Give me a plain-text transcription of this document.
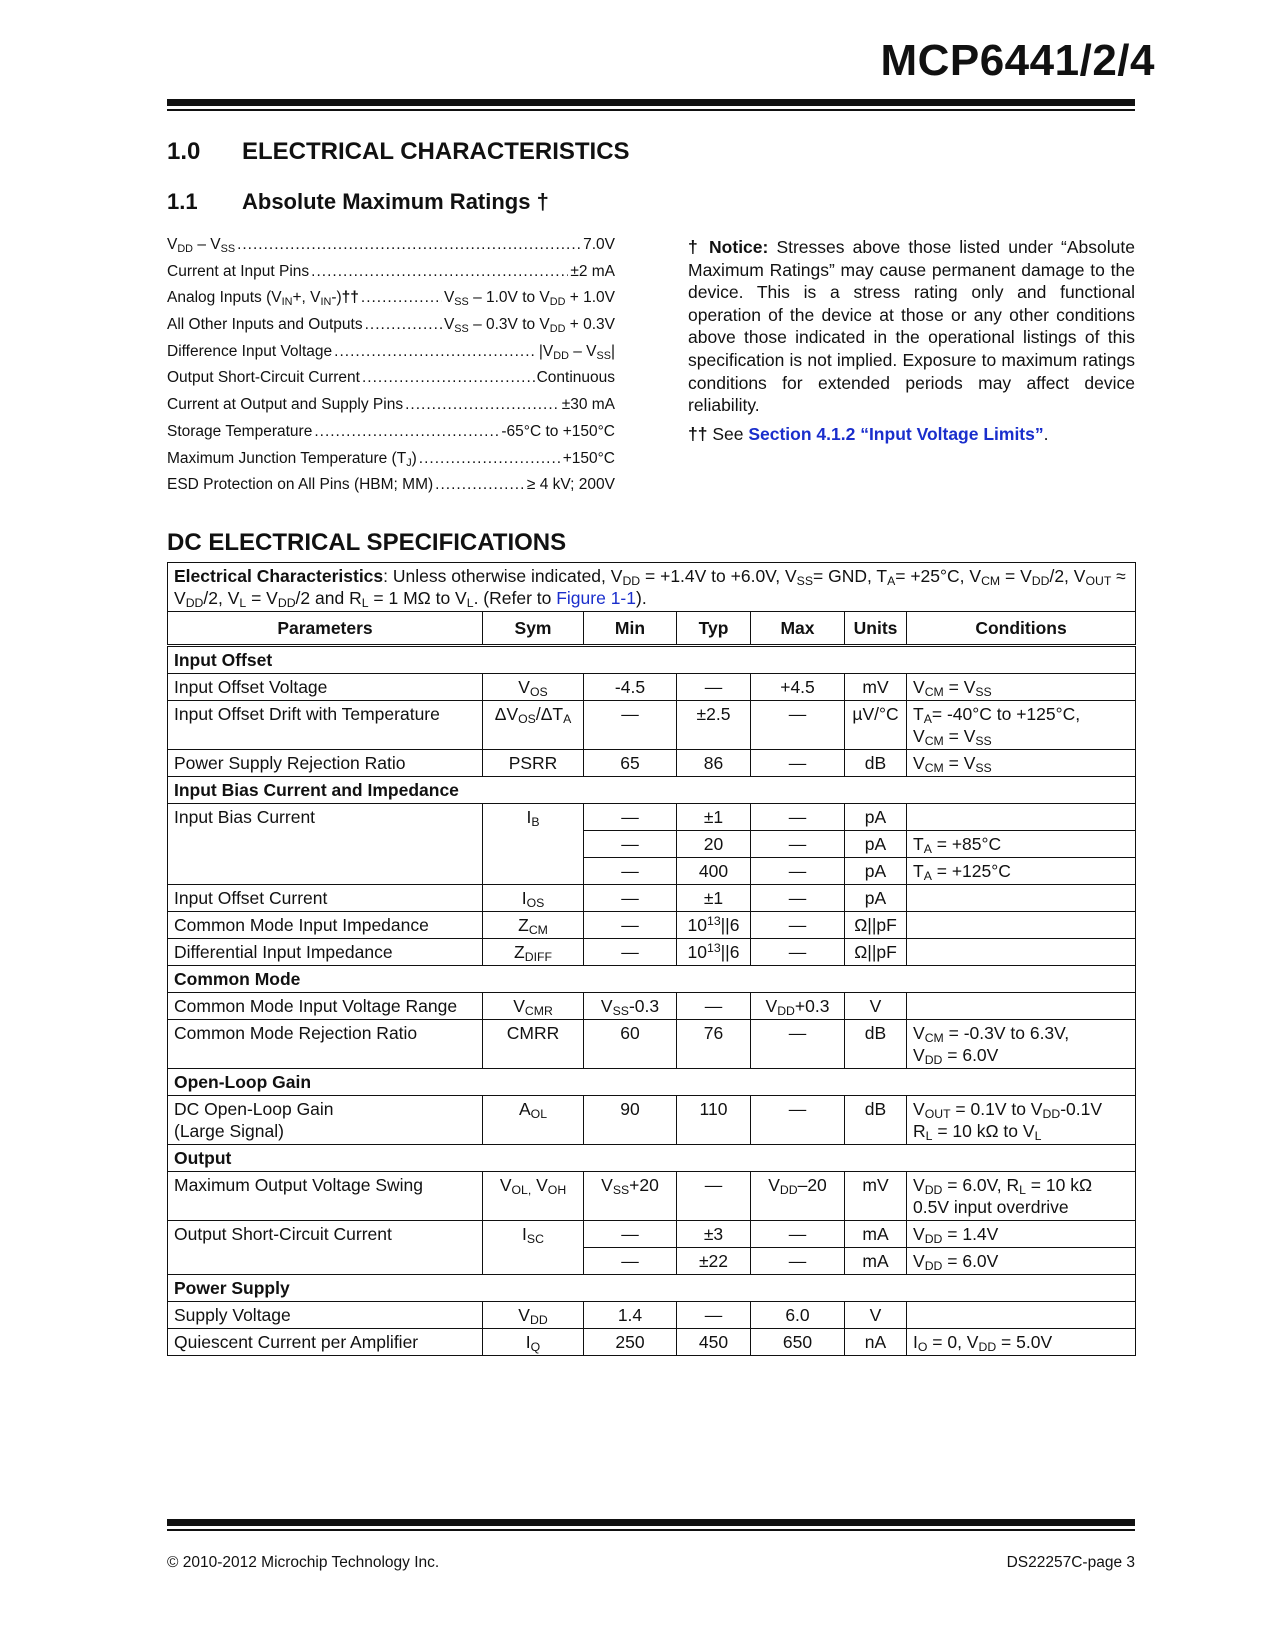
MCP6441/2/4
1.0 ELECTRICAL CHARACTERISTICS
1.1 Absolute Maximum Ratings †
$V_{DD} - V_{SS}$ .....	7.0V
Current at Input Pins .....	±2 mA
Analog Inputs ($V_{IN}+$, $V_{IN}-)\dagger\dagger$ .....	$V_{SS} - 1.0V$ to $V_{DD} + 1.0V$
All Other Inputs and Outputs .....	$V_{SS} - 0.3V$ to $V_{DD} + 0.3V$
Difference Input Voltage .....	$|V_{DD} - V_{SS}|$
Output Short-Circuit Current .....	Continuous
Current at Output and Supply Pins .....	±30 mA
Storage Temperature .....	-65°C to +150°C
Maximum Junction Temperature $(T_J)$ .....	+150°C
ESD Protection on All Pins (HBM; MM) .....	≥ 4 kV; 200V

† Notice: Stresses above those listed under “Absolute Maximum Ratings” may cause permanent damage to the device. This is a stress rating only and functional operation of the device at those or any other conditions above those indicated in the operational listings of this specification is not implied. Exposure to maximum ratings conditions for extended periods may affect device reliability.

†† See Section 4.1.2 “Input Voltage Limits”.

DC ELECTRICAL SPECIFICATIONS
Electrical Characteristics: Unless otherwise indicated, $V_{DD} = +1.4V$ to +6.0V, $V_{SS}=$ GND, $T_A= +25^\circ C$, $V_{CM} = V_{DD}/2$, $V_{OUT} \approx V_{DD}/2$, $V_L = V_{DD}/2$ and $R_L = 1$ MΩ to $V_L$. (Refer to Figure 1-1).						
Parameters	Sym	Min	Typ	Max	Units	Conditions
Input Offset						
Input Offset Voltage	$V_{OS}$	-4.5	—	+4.5	mV	$V_{CM} = V_{SS}$
Input Offset Drift with Temperature	$\Delta V_{OS}/\Delta T_A$	—	±2.5	—	µV/°C	$T_A= -40^\circ C$ to +125°C,
$V_{CM} = V_{SS}$
Power Supply Rejection Ratio	PSRR	65	86	—	dB	$V_{CM} = V_{SS}$
Input Bias Current and Impedance						
Input Bias Current	$I_B$	—	±1	—	pA	
		—	20	—	pA	$T_A = +85^\circ C$
		—	400	—	pA	$T_A = +125^\circ C$
Input Offset Current	$I_{OS}$	—	±1	—	pA	
Common Mode Input Impedance	$Z_{CM}$	—	$10^{13}||6$	—	Ω||pF	
Differential Input Impedance	$Z_{DIFF}$	—	$10^{13}||6$	—	Ω||pF	
Common Mode						
Common Mode Input Voltage Range	$V_{CMR}$	$V_{SS}-0.3$	—	$V_{DD}+0.3$	V	
Common Mode Rejection Ratio	CMRR	60	76	—	dB	$V_{CM} = -0.3V$ to 6.3V,
$V_{DD} = 6.0V$
Open-Loop Gain						
DC Open-Loop Gain
(Large Signal)	$A_{OL}$	90	110	—	dB	$V_{OUT} = 0.1V$ to $V_{DD}-0.1V$
$R_L = 10$ kΩ to $V_L$
Output						
Maximum Output Voltage Swing	$V_{OL,}$ $V_{OH}$	$V_{SS}+20$	—	$V_{DD}-20$	mV	$V_{DD} = 6.0V$, $R_L = 10$ kΩ
0.5V input overdrive
Output Short-Circuit Current	$I_{SC}$	—	±3	—	mA	$V_{DD} = 1.4V$
		—	±22	—	mA	$V_{DD} = 6.0V$
Power Supply						
Supply Voltage	$V_{DD}$	1.4	—	6.0	V	
Quiescent Current per Amplifier	$I_Q$	250	450	650	nA	$I_O = 0$, $V_{DD} = 5.0V$
© 2010-2012 Microchip Technology Inc.	DS22257C-page 3
